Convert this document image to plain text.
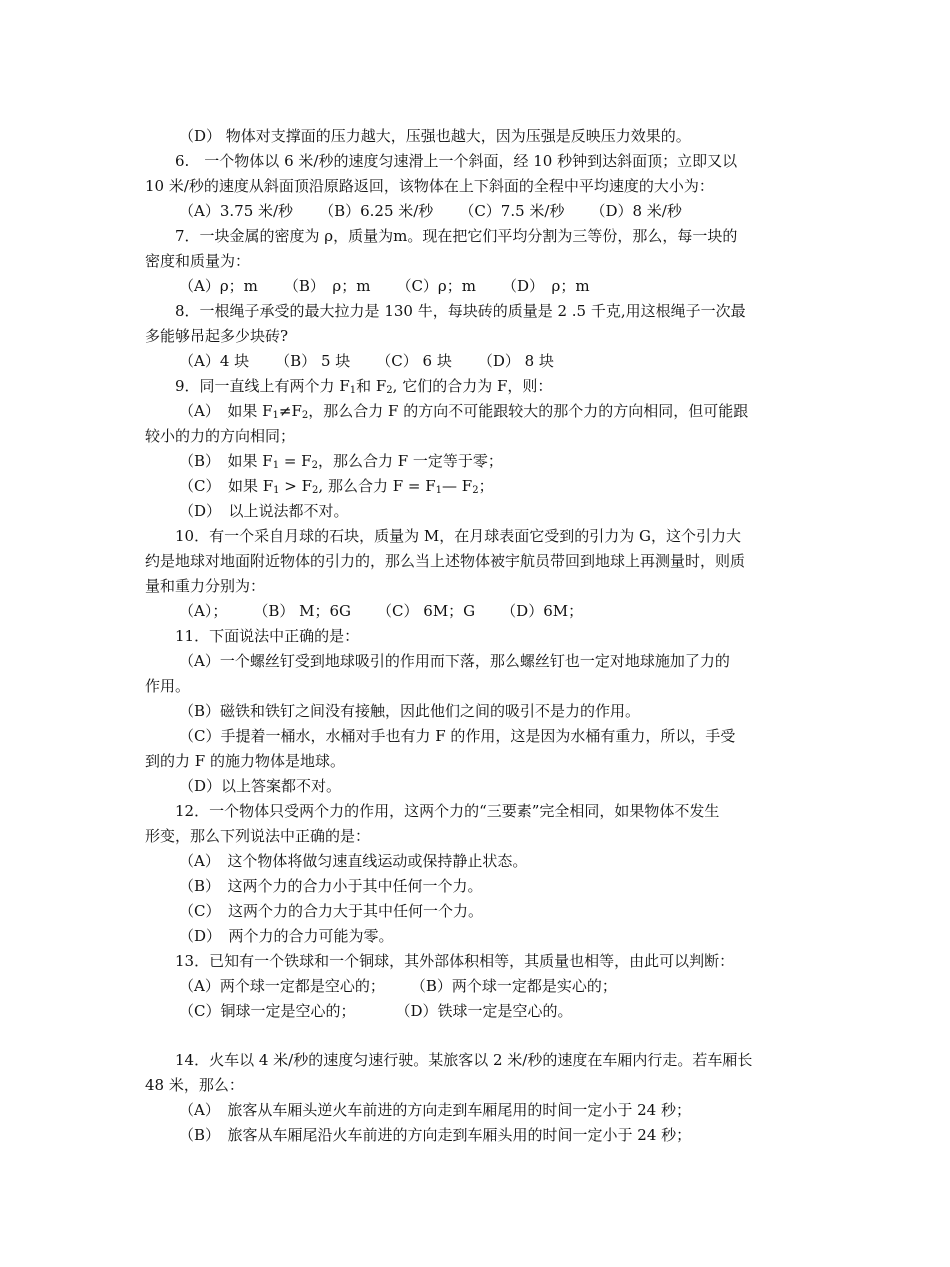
（D） 物体对支撑面的压力越大，压强也越大，因为压强是反映压力效果的。
6.　一个物体以 6 米/秒的速度匀速滑上一个斜面，经 10 秒钟到达斜面顶；立即又以
10 米/秒的速度从斜面顶沿原路返回，该物体在上下斜面的全程中平均速度的大小为：
（A）3.75 米/秒 （B）6.25 米/秒 （C）7.5 米/秒 （D）8 米/秒
7．一块金属的密度为 ρ，质量为m。现在把它们平均分割为三等份，那么，每一块的
密度和质量为：
（A）ρ；m （B）　ρ；m （C）ρ；m （D）　ρ；m
8．一根绳子承受的最大拉力是 130 牛，每块砖的质量是 2 .5 千克,用这根绳子一次最
多能够吊起多少块砖?
（A）4 块 （B） 5 块 （C） 6 块 （D） 8 块
9．同一直线上有两个力 $F_1$和 $F_2$, 它们的合力为 F，则：
（A）　如果 $F_1\ne F_2$，那么合力 F 的方向不可能跟较大的那个力的方向相同，但可能跟
较小的力的方向相同；
（B）　如果 $F_1 = F_2$，那么合力 F 一定等于零；
（C）　如果 $F_1 > F_2$, 那么合力 $F = F_1—$ $F_2$；
（D）　以上说法都不对。
10．有一个采自月球的石块，质量为 M，在月球表面它受到的引力为 G，这个引力大
约是地球对地面附近物体的引力的，那么当上述物体被宇航员带回到地球上再测量时，则质
量和重力分别为：
（A）； （B） M；6G （C） 6M；G （D）6M；
11．下面说法中正确的是：
（A）一个螺丝钉受到地球吸引的作用而下落，那么螺丝钉也一定对地球施加了力的
作用。
（B）磁铁和铁钉之间没有接触，因此他们之间的吸引不是力的作用。
（C）手提着一桶水，水桶对手也有力 F 的作用，这是因为水桶有重力，所以，手受
到的力 F 的施力物体是地球。
（D）以上答案都不对。
12．一个物体只受两个力的作用，这两个力的“三要素”完全相同，如果物体不发生
形变，那么下列说法中正确的是：
（A）　这个物体将做匀速直线运动或保持静止状态。
（B）　这两个力的合力小于其中任何一个力。
（C）　这两个力的合力大于其中任何一个力。
（D）　两个力的合力可能为零。
13．已知有一个铁球和一个铜球，其外部体积相等，其质量也相等，由此可以判断：
（A）两个球一定都是空心的； （B）两个球一定都是实心的；
（C）铜球一定是空心的；	（D）铁球一定是空心的。
14．火车以 4 米/秒的速度匀速行驶。某旅客以 2 米/秒的速度在车厢内行走。若车厢长
48 米，那么：
（A）　旅客从车厢头逆火车前进的方向走到车厢尾用的时间一定小于 24 秒；
（B）　旅客从车厢尾沿火车前进的方向走到车厢头用的时间一定小于 24 秒；
